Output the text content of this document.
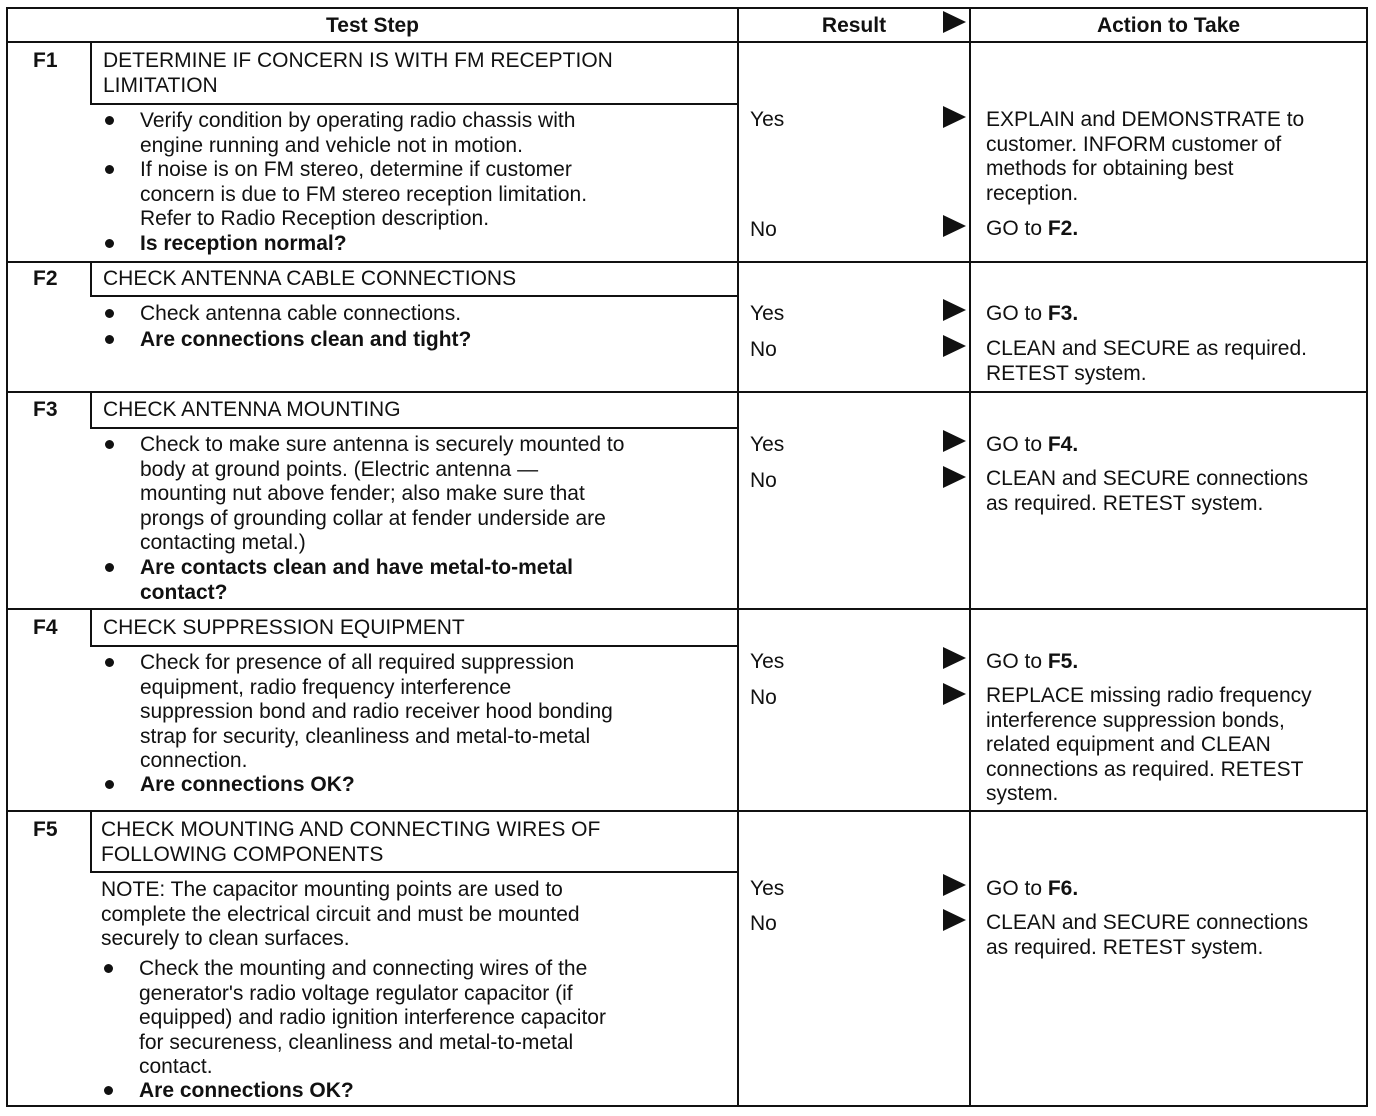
Test Step	Result	Action to Take
F1 DETERMINE IF CONCERN IS WITH FM RECEPTION
LIMITATION
Verify condition by operating radio chassis with
engine running and vehicle not in motion.
If noise is on FM stereo, determine if customer
concern is due to FM stereo reception limitation.
Refer to Radio Reception description.
Is reception normal?
Yes
No
EXPLAIN and DEMONSTRATE to
customer. INFORM customer of
methods for obtaining best
reception.
GO to F2.
F2 CHECK ANTENNA CABLE CONNECTIONS
Check antenna cable connections.
Are connections clean and tight?
Yes
No
GO to F3.
CLEAN and SECURE as required.
RETEST system.
F3 CHECK ANTENNA MOUNTING
Check to make sure antenna is securely mounted to
body at ground points. (Electric antenna —
mounting nut above fender; also make sure that
prongs of grounding collar at fender underside are
contacting metal.)
Are contacts clean and have metal-to-metal
contact?
Yes
No
GO to F4.
CLEAN and SECURE connections
as required. RETEST system.
F4 CHECK SUPPRESSION EQUIPMENT
Check for presence of all required suppression
equipment, radio frequency interference
suppression bond and radio receiver hood bonding
strap for security, cleanliness and metal-to-metal
connection.
Are connections OK?
Yes
No
GO to F5.
REPLACE missing radio frequency
interference suppression bonds,
related equipment and CLEAN
connections as required. RETEST
system.
F5 CHECK MOUNTING AND CONNECTING WIRES OF
FOLLOWING COMPONENTS
NOTE: The capacitor mounting points are used to
complete the electrical circuit and must be mounted
securely to clean surfaces.
Check the mounting and connecting wires of the
generator's radio voltage regulator capacitor (if
equipped) and radio ignition interference capacitor
for secureness, cleanliness and metal-to-metal
contact.
Are connections OK?
Yes
No
GO to F6.
CLEAN and SECURE connections
as required. RETEST system.
